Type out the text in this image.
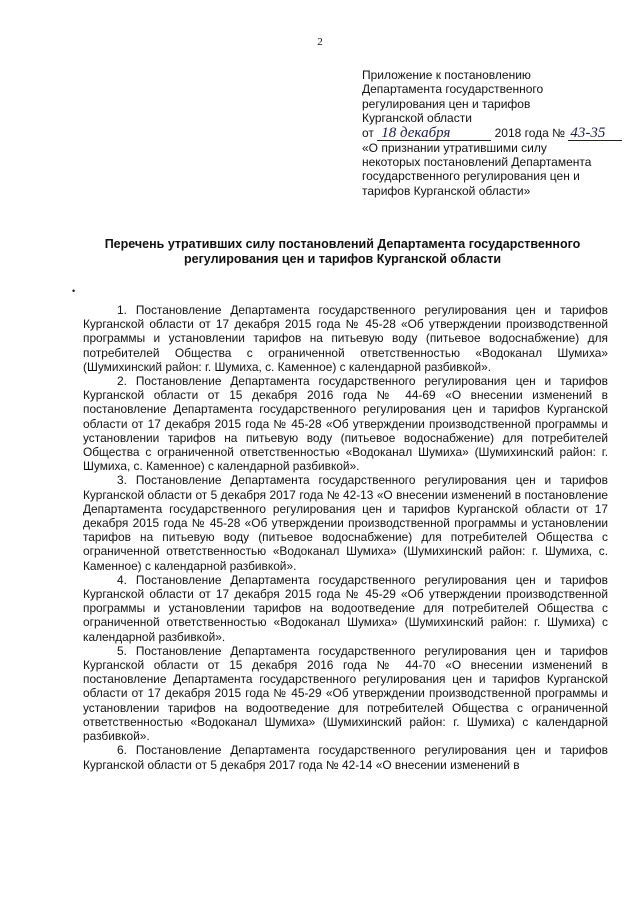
2
Приложение к постановлению
Департамента государственного
регулирования цен и тарифов
Курганской области
от 18 декабря	2018 года № 43-35
«О признании утратившими силу
некоторых постановлений Департамента
государственного регулирования цен и
тарифов Курганской области»
Перечень утративших силу постановлений Департамента государственного регулирования цен и тарифов Курганской области
•

1. Постановление Департамента государственного регулирования цен и тарифов Курганской области от 17 декабря 2015 года № 45-28 «Об утверждении производственной программы и установлении тарифов на питьевую воду (питьевое водоснабжение) для потребителей Общества с ограниченной ответственностью «Водоканал Шумиха» (Шумихинский район: г. Шумиха, с. Каменное) с календарной разбивкой».

2. Постановление Департамента государственного регулирования цен и тарифов Курганской области от 15 декабря 2016 года № 44-69 «О внесении изменений в постановление Департамента государственного регулирования цен и тарифов Курганской области от 17 декабря 2015 года № 45-28 «Об утверждении производственной программы и установлении тарифов на питьевую воду (питьевое водоснабжение) для потребителей Общества с ограниченной ответственностью «Водоканал Шумиха» (Шумихинский район: г. Шумиха, с. Каменное) с календарной разбивкой».

3. Постановление Департамента государственного регулирования цен и тарифов Курганской области от 5 декабря 2017 года № 42-13 «О внесении изменений в постановление Департамента государственного регулирования цен и тарифов Курганской области от 17 декабря 2015 года № 45-28 «Об утверждении производственной программы и установлении тарифов на питьевую воду (питьевое водоснабжение) для потребителей Общества с ограниченной ответственностью «Водоканал Шумиха» (Шумихинский район: г. Шумиха, с. Каменное) с календарной разбивкой».

4. Постановление Департамента государственного регулирования цен и тарифов Курганской области от 17 декабря 2015 года № 45-29 «Об утверждении производственной программы и установлении тарифов на водоотведение для потребителей Общества с ограниченной ответственностью «Водоканал Шумиха» (Шумихинский район: г. Шумиха) с календарной разбивкой».

5. Постановление Департамента государственного регулирования цен и тарифов Курганской области от 15 декабря 2016 года № 44-70 «О внесении изменений в постановление Департамента государственного регулирования цен и тарифов Курганской области от 17 декабря 2015 года № 45-29 «Об утверждении производственной программы и установлении тарифов на водоотведение для потребителей Общества с ограниченной ответственностью «Водоканал Шумиха» (Шумихинский район: г. Шумиха) с календарной разбивкой».

6. Постановление Департамента государственного регулирования цен и тарифов Курганской области от 5 декабря 2017 года № 42-14 «О внесении изменений в
